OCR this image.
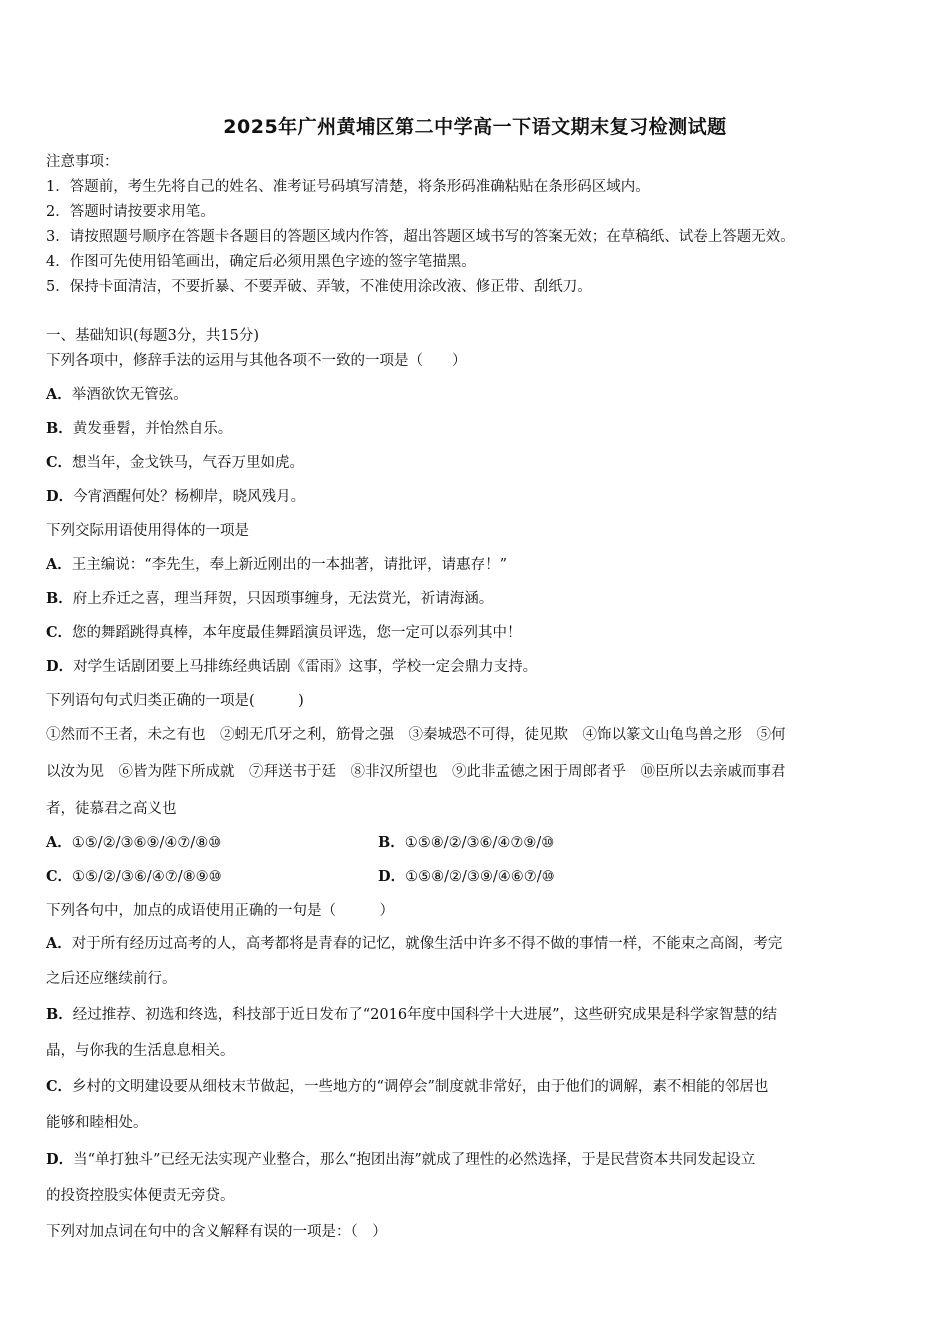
2025年广州黄埔区第二中学高一下语文期末复习检测试题
注意事项：
1．答题前，考生先将自己的姓名、准考证号码填写清楚，将条形码准确粘贴在条形码区域内。
2．答题时请按要求用笔。
3．请按照题号顺序在答题卡各题目的答题区域内作答，超出答题区域书写的答案无效；在草稿纸、试卷上答题无效。
4．作图可先使用铅笔画出，确定后必须用黑色字迹的签字笔描黑。
5．保持卡面清洁，不要折暴、不要弄破、弄皱，不准使用涂改液、修正带、刮纸刀。
一、基础知识(每题3分，共15分)
下列各项中，修辞手法的运用与其他各项不一致的一项是（　　）
A．举酒欲饮无管弦。
B．黄发垂髫，并怡然自乐。
C．想当年，金戈铁马，气吞万里如虎。
D．今宵酒醒何处？杨柳岸，晓风残月。
下列交际用语使用得体的一项是
A．王主编说：“李先生，奉上新近刚出的一本拙著，请批评，请惠存！”
B．府上乔迁之喜，理当拜贺，只因琐事缠身，无法赏光，祈请海涵。
C．您的舞蹈跳得真棒，本年度最佳舞蹈演员评选，您一定可以忝列其中！
D．对学生话剧团要上马排练经典话剧《雷雨》这事，学校一定会鼎力支持。
下列语句句式归类正确的一项是(　　　)
①然而不王者，未之有也　②蚓无爪牙之利，筋骨之强　③秦城恐不可得，徒见欺　④饰以篆文山龟鸟兽之形　⑤何
以汝为见　⑥皆为陛下所成就　⑦拜送书于廷　⑧非汉所望也　⑨此非孟德之困于周郎者乎　⑩臣所以去亲戚而事君
者，徒慕君之高义也
A．①⑤/②/③⑥⑨/④⑦/⑧⑩	B．①⑤⑧/②/③⑥/④⑦⑨/⑩
C．①⑤/②/③⑥/④⑦/⑧⑨⑩	D．①⑤⑧/②/③⑨/④⑥⑦/⑩
下列各句中，加点的成语使用正确的一句是（　　　）
A．对于所有经历过高考的人，高考都将是青春的记忆，就像生活中许多不得不做的事情一样，不能束之高阁，考完
之后还应继续前行。
B．经过推荐、初选和终选，科技部于近日发布了“2016年度中国科学十大进展”，这些研究成果是科学家智慧的结
晶，与你我的生活息息相关。
C．乡村的文明建设要从细枝末节做起，一些地方的“调停会”制度就非常好，由于他们的调解，素不相能的邻居也
能够和睦相处。
D．当“单打独斗”已经无法实现产业整合，那么“抱团出海”就成了理性的必然选择，于是民营资本共同发起设立
的投资控股实体便责无旁贷。
下列对加点词在句中的含义解释有误的一项是：（　）
